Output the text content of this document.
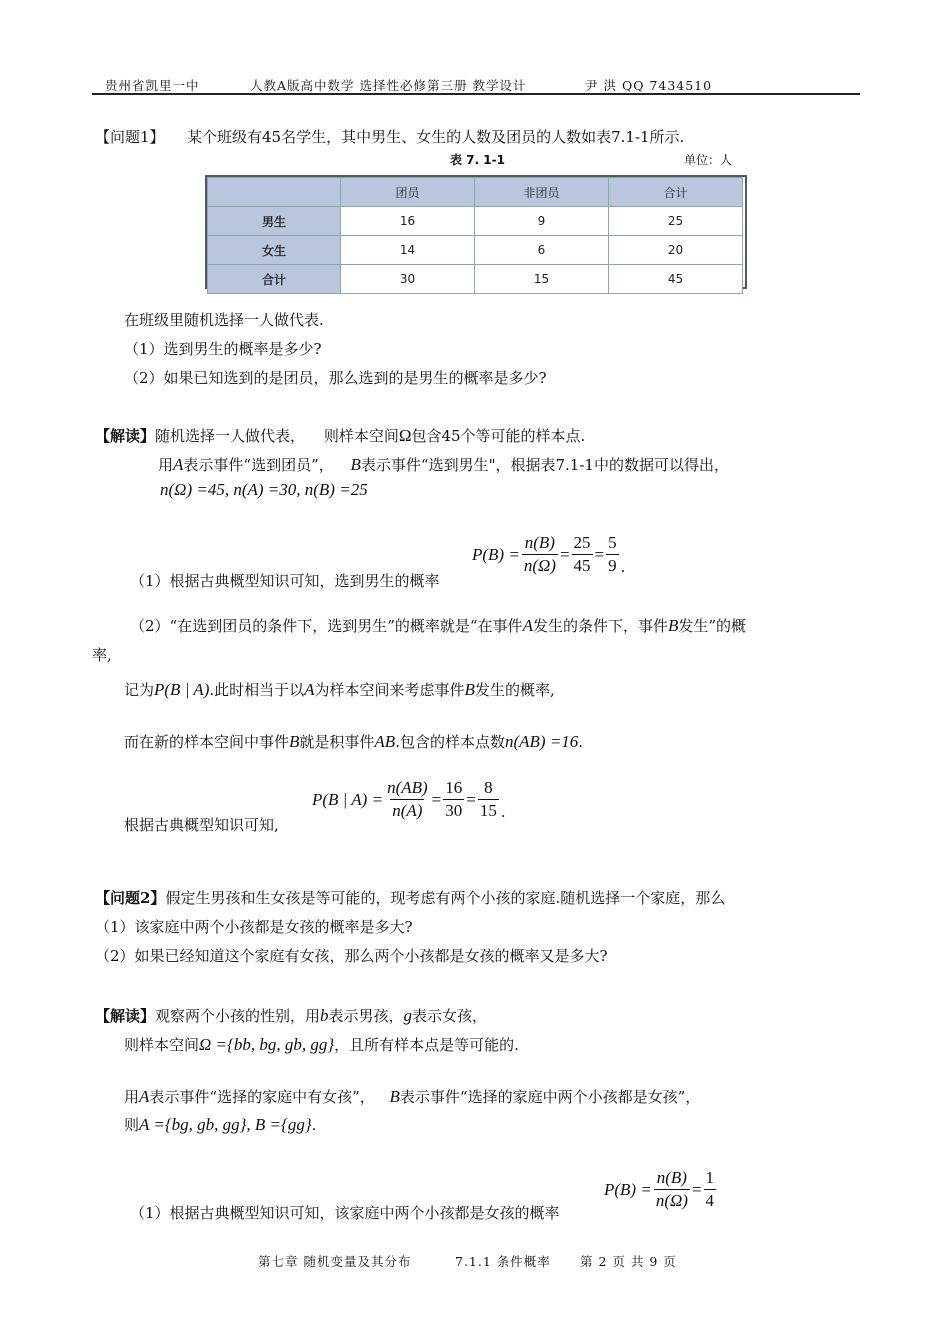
贵州省凯里一中	人教A版高中数学 选择性必修第三册 教学设计	尹 洪 QQ 7434510
【问题1】 某个班级有45名学生，其中男生、女生的人数及团员的人数如表7.1-1所示.
表 7. 1-1	单位：人
	团员	非团员	合计
男生	16	9	25
女生	14	6	20
合计	30	15	45
在班级里随机选择一人做代表.
（1）选到男生的概率是多少?
（2）如果已知选到的是团员，那么选到的是男生的概率是多少?
【解读】随机选择一人做代表， 则样本空间Ω包含45个等可能的样本点.
用A表示事件“选到团员”， B表示事件“选到男生"，根据表7.1-1中的数据可以得出，
n(Ω) =45, n(A) =30, n(B) =25
$P(B) = \frac{n(B)}{n(\Omega)} = \frac{25}{45} = \frac{5}{9}$ .
（1）根据古典概型知识可知，选到男生的概率
（2）“在选到团员的条件下，选到男生”的概率就是“在事件A发生的条件下，事件B发生”的概
率,
记为P(B | A).此时相当于以A为样本空间来考虑事件B发生的概率,
而在新的样本空间中事件B就是积事件AB.包含的样本点数n(AB) =16.
P(B | $A) = \frac{n(AB)}{n(A)} = \frac{16}{30} = \frac{8}{15}$ .
根据古典概型知识可知,
【问题2】假定生男孩和生女孩是等可能的，现考虑有两个小孩的家庭.随机选择一个家庭，那么
（1）该家庭中两个小孩都是女孩的概率是多大?
（2）如果已经知道这个家庭有女孩，那么两个小孩都是女孩的概率又是多大?
【解读】观察两个小孩的性别，用b表示男孩，g表示女孩，
则样本空间Ω ={bb, bg, gb, gg}，且所有样本点是等可能的.
用A表示事件“选择的家庭中有女孩”， B表示事件“选择的家庭中两个小孩都是女孩”，
则A ={bg, gb, gg}, B ={gg}.
$P(B) = \frac{n(B)}{n(\Omega)} = \frac{1}{4}$
（1）根据古典概型知识可知，该家庭中两个小孩都是女孩的概率
第七章 随机变量及其分布	7.1.1 条件概率 第 2 页 共 9 页
